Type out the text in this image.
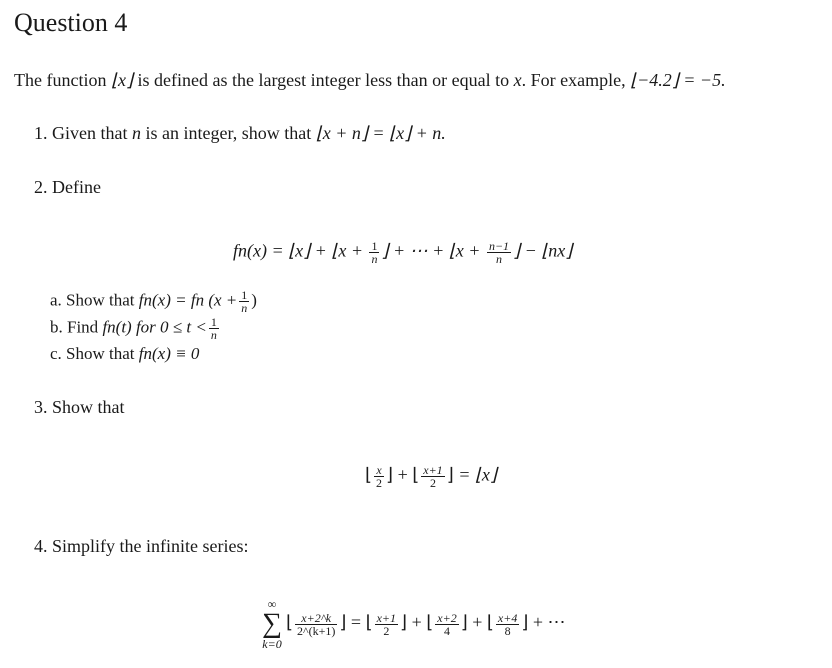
Question 4
The function ⌊x⌋ is defined as the largest integer less than or equal to x. For example, ⌊−4.2⌋ = −5.
1. Given that n is an integer, show that ⌊x + n⌋ = ⌊x⌋ + n.
2. Define
fn(x) = ⌊x⌋ + ⌊x + $\frac{1}{n}$ ⌋ + ⋯ + ⌊x + $\frac{n-1}{n}$ ⌋ − ⌊nx⌋
a. Show that fn(x) = fn ($x + \frac{1}{n}$ )
b. Find fn(t) for $0 \le t < \frac{1}{n}$
c. Show that fn(x) ≡ 0
3. Show that
⌊ $\frac{x}{2}$ ⌋ + ⌊ $\frac{x+1}{2}$ ⌋ = ⌊x⌋
4. Simplify the infinite series:
∞
∑
k=0⌊ $\frac{x+2\^{}k}{2\^{}(k+1)}$ ⌋ = ⌊ $\frac{x+1}{2}$ ⌋ + ⌊ $\frac{x+2}{4}$ ⌋ + ⌊ $\frac{x+4}{8}$ ⌋ + ⋯
